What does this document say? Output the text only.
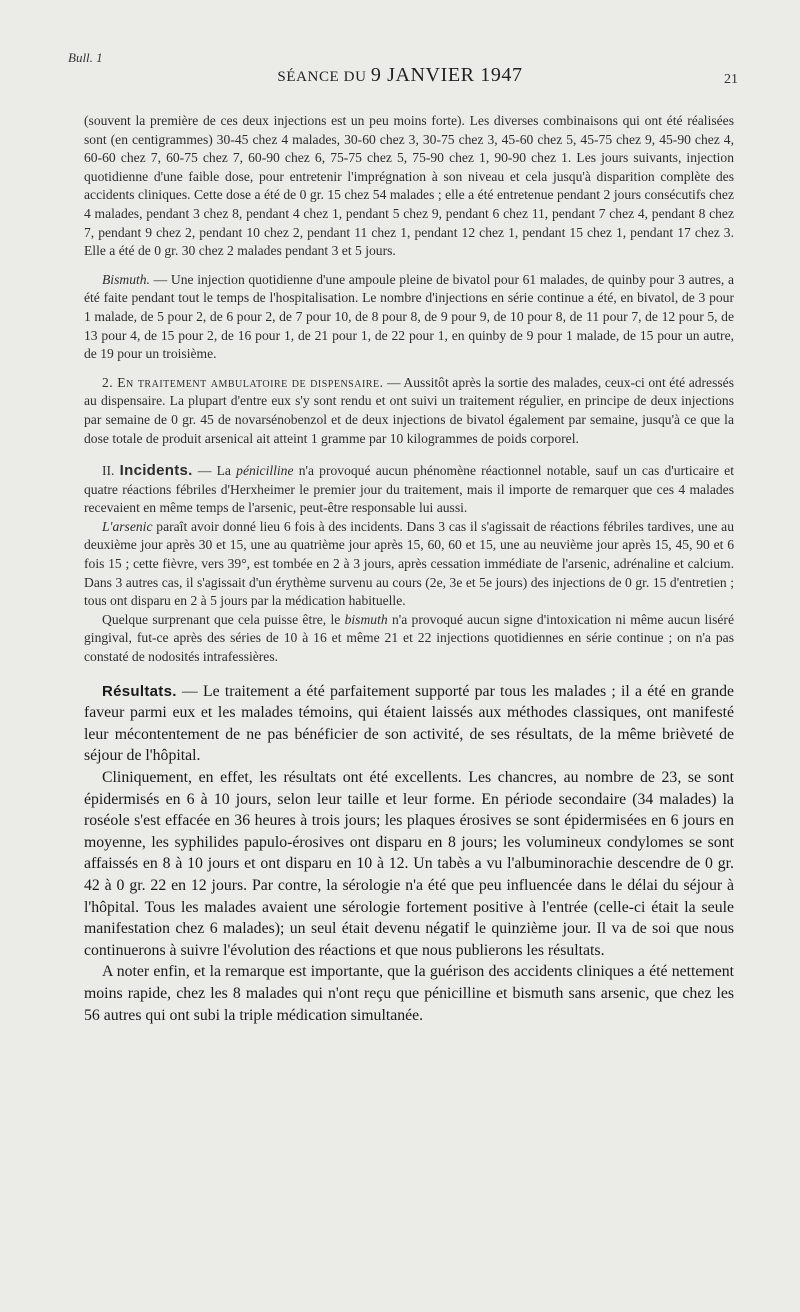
Bull. 1
SÉANCE DU 9 JANVIER 1947	21

(souvent la première de ces deux injections est un peu moins forte). Les diverses combinaisons qui ont été réalisées sont (en centigrammes) 30-45 chez 4 malades, 30-60 chez 3, 30-75 chez 3, 45-60 chez 5, 45-75 chez 9, 45-90 chez 4, 60-60 chez 7, 60-75 chez 7, 60-90 chez 6, 75-75 chez 5, 75-90 chez 1, 90-90 chez 1. Les jours suivants, injection quotidienne d'une faible dose, pour entretenir l'imprégnation à son niveau et cela jusqu'à disparition complète des accidents cliniques. Cette dose a été de 0 gr. 15 chez 54 malades ; elle a été entretenue pendant 2 jours consécutifs chez 4 malades, pendant 3 chez 8, pendant 4 chez 1, pendant 5 chez 9, pendant 6 chez 11, pendant 7 chez 4, pendant 8 chez 7, pendant 9 chez 2, pendant 10 chez 2, pendant 11 chez 1, pendant 12 chez 1, pendant 15 chez 1, pendant 17 chez 3. Elle a été de 0 gr. 30 chez 2 malades pendant 3 et 5 jours.

Bismuth. — Une injection quotidienne d'une ampoule pleine de bivatol pour 61 malades, de quinby pour 3 autres, a été faite pendant tout le temps de l'hospitalisation. Le nombre d'injections en série continue a été, en bivatol, de 3 pour 1 malade, de 5 pour 2, de 6 pour 2, de 7 pour 10, de 8 pour 8, de 9 pour 9, de 10 pour 8, de 11 pour 7, de 12 pour 5, de 13 pour 4, de 15 pour 2, de 16 pour 1, de 21 pour 1, de 22 pour 1, en quinby de 9 pour 1 malade, de 15 pour un autre, de 19 pour un troisième.

2. En traitement ambulatoire de dispensaire. — Aussitôt après la sortie des malades, ceux-ci ont été adressés au dispensaire. La plupart d'entre eux s'y sont rendu et ont suivi un traitement régulier, en principe de deux injections par semaine de 0 gr. 45 de novarsénobenzol et de deux injections de bivatol également par semaine, jusqu'à ce que la dose totale de produit arsenical ait atteint 1 gramme par 10 kilogrammes de poids corporel.

II. Incidents. — La pénicilline n'a provoqué aucun phénomène réactionnel notable, sauf un cas d'urticaire et quatre réactions fébriles d'Herxheimer le premier jour du traitement, mais il importe de remarquer que ces 4 malades recevaient en même temps de l'arsenic, peut-être responsable lui aussi.

L'arsenic paraît avoir donné lieu 6 fois à des incidents. Dans 3 cas il s'agissait de réactions fébriles tardives, une au deuxième jour après 30 et 15, une au quatrième jour après 15, 60, 60 et 15, une au neuvième jour après 15, 45, 90 et 6 fois 15 ; cette fièvre, vers 39°, est tombée en 2 à 3 jours, après cessation immédiate de l'arsenic, adrénaline et calcium. Dans 3 autres cas, il s'agissait d'un érythème survenu au cours (2e, 3e et 5e jours) des injections de 0 gr. 15 d'entretien ; tous ont disparu en 2 à 5 jours par la médication habituelle.

Quelque surprenant que cela puisse être, le bismuth n'a provoqué aucun signe d'intoxication ni même aucun liséré gingival, fut-ce après des séries de 10 à 16 et même 21 et 22 injections quotidiennes en série continue ; on n'a pas constaté de nodosités intrafessières.

Résultats. — Le traitement a été parfaitement supporté par tous les malades ; il a été en grande faveur parmi eux et les malades témoins, qui étaient laissés aux méthodes classiques, ont manifesté leur mécontentement de ne pas bénéficier de son activité, de ses résultats, de la même brièveté de séjour de l'hôpital.

Cliniquement, en effet, les résultats ont été excellents. Les chancres, au nombre de 23, se sont épidermisés en 6 à 10 jours, selon leur taille et leur forme. En période secondaire (34 malades) la roséole s'est effacée en 36 heures à trois jours; les plaques érosives se sont épidermisées en 6 jours en moyenne, les syphilides papulo-érosives ont disparu en 8 jours; les volumineux condylomes se sont affaissés en 8 à 10 jours et ont disparu en 10 à 12. Un tabès a vu l'albuminorachie descendre de 0 gr. 42 à 0 gr. 22 en 12 jours. Par contre, la sérologie n'a été que peu influencée dans le délai du séjour à l'hôpital. Tous les malades avaient une sérologie fortement positive à l'entrée (celle-ci était la seule manifestation chez 6 malades); un seul était devenu négatif le quinzième jour. Il va de soi que nous continuerons à suivre l'évolution des réactions et que nous publierons les résultats.

A noter enfin, et la remarque est importante, que la guérison des accidents cliniques a été nettement moins rapide, chez les 8 malades qui n'ont reçu que pénicilline et bismuth sans arsenic, que chez les 56 autres qui ont subi la triple médication simultanée.
